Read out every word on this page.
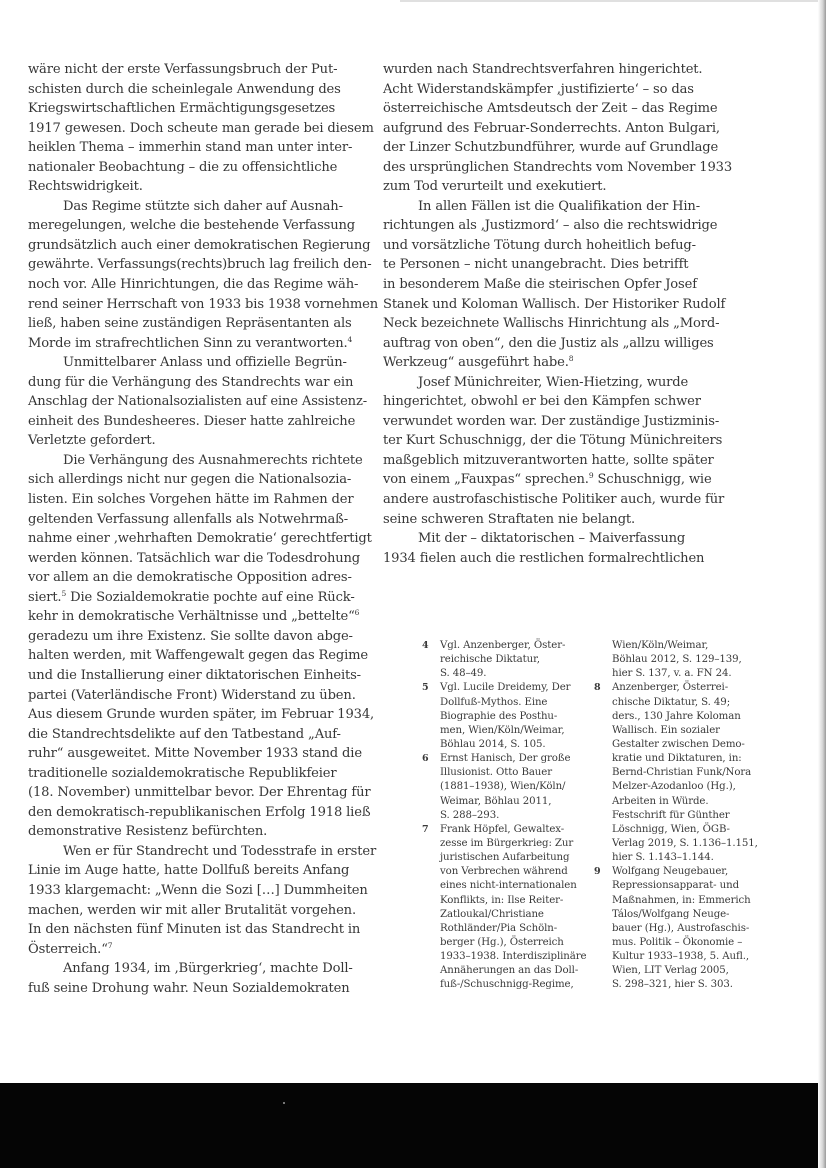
wäre nicht der erste Verfassungsbruch der Put-
schisten durch die scheinlegale Anwendung des
Kriegswirtschaftlichen Ermächtigungsgesetzes
1917 gewesen. Doch scheute man gerade bei diesem
heiklen Thema – immerhin stand man unter inter-
nationaler Beobachtung – die zu offensichtliche
Rechtswidrigkeit.
Das Regime stützte sich daher auf Ausnah-
meregelungen, welche die bestehende Verfassung
grundsätzlich auch einer demokratischen Regierung
gewährte. Verfassungs(rechts)bruch lag freilich den-
noch vor. Alle Hinrichtungen, die das Regime wäh-
rend seiner Herrschaft von 1933 bis 1938 vornehmen
ließ, haben seine zuständigen Repräsentanten als
Morde im strafrechtlichen Sinn zu verantworten.$^4$
Unmittelbarer Anlass und offizielle Begrün-
dung für die Verhängung des Standrechts war ein
Anschlag der Nationalsozialisten auf eine Assistenz-
einheit des Bundesheeres. Dieser hatte zahlreiche
Verletzte gefordert.
Die Verhängung des Ausnahmerechts richtete
sich allerdings nicht nur gegen die Nationalsozia-
listen. Ein solches Vorgehen hätte im Rahmen der
geltenden Verfassung allenfalls als Notwehrmaß-
nahme einer ‚wehrhaften Demokratie‘ gerechtfertigt
werden können. Tatsächlich war die Todesdrohung
vor allem an die demokratische Opposition adres-
siert.$^5$ Die Sozialdemokratie pochte auf eine Rück-
kehr in demokratische Verhältnisse und „bettelte“$^6$
geradezu um ihre Existenz. Sie sollte davon abge-
halten werden, mit Waffengewalt gegen das Regime
und die Installierung einer diktatorischen Einheits-
partei (Vaterländische Front) Widerstand zu üben.
Aus diesem Grunde wurden später, im Februar 1934,
die Standrechtsdelikte auf den Tatbestand „Auf-
ruhr“ ausgeweitet. Mitte November 1933 stand die
traditionelle sozialdemokratische Republikfeier
(18. November) unmittelbar bevor. Der Ehrentag für
den demokratisch-republikanischen Erfolg 1918 ließ
demonstrative Resistenz befürchten.
Wen er für Standrecht und Todesstrafe in erster
Linie im Auge hatte, hatte Dollfuß bereits Anfang
1933 klargemacht: „Wenn die Sozi […] Dummheiten
machen, werden wir mit aller Brutalität vorgehen.
In den nächsten fünf Minuten ist das Standrecht in
Österreich.“$^7$
Anfang 1934, im ‚Bürgerkrieg‘, machte Doll-
fuß seine Drohung wahr. Neun Sozialdemokraten
wurden nach Standrechtsverfahren hingerichtet.
Acht Widerstandskämpfer ‚justifizierte‘ – so das
österreichische Amtsdeutsch der Zeit – das Regime
aufgrund des Februar-Sonderrechts. Anton Bulgari,
der Linzer Schutzbundführer, wurde auf Grundlage
des ursprünglichen Standrechts vom November 1933
zum Tod verurteilt und exekutiert.
In allen Fällen ist die Qualifikation der Hin-
richtungen als ‚Justizmord‘ – also die rechtswidrige
und vorsätzliche Tötung durch hoheitlich befug-
te Personen – nicht unangebracht. Dies betrifft
in besonderem Maße die steirischen Opfer Josef
Stanek und Koloman Wallisch. Der Historiker Rudolf
Neck bezeichnete Wallischs Hinrichtung als „Mord-
auftrag von oben“, den die Justiz als „allzu williges
Werkzeug“ ausgeführt habe.$^8$
Josef Münichreiter, Wien-Hietzing, wurde
hingerichtet, obwohl er bei den Kämpfen schwer
verwundet worden war. Der zuständige Justizminis-
ter Kurt Schuschnigg, der die Tötung Münichreiters
maßgeblich mitzuverantworten hatte, sollte später
von einem „Fauxpas“ sprechen.$^9$ Schuschnigg, wie
andere austrofaschistische Politiker auch, wurde für
seine schweren Straftaten nie belangt.
Mit der – diktatorischen – Maiverfassung
1934 fielen auch die restlichen formalrechtlichen
4 Vgl. Anzenberger, Öster-
reichische Diktatur,
S. 48–49.
5 Vgl. Lucile Dreidemy, Der
Dollfuß-Mythos. Eine
Biographie des Posthu-
men, Wien/Köln/Weimar,
Böhlau 2014, S. 105.
6 Ernst Hanisch, Der große
Illusionist. Otto Bauer
(1881–1938), Wien/Köln/
Weimar, Böhlau 2011,
S. 288–293.
7 Frank Höpfel, Gewaltex-
zesse im Bürgerkrieg: Zur
juristischen Aufarbeitung
von Verbrechen während
eines nicht-internationalen
Konflikts, in: Ilse Reiter-
Zatloukal/Christiane
Rothländer/Pia Schöln-
berger (Hg.), Österreich
1933–1938. Interdisziplinäre
Annäherungen an das Doll-
fuß-/Schuschnigg-Regime,
Wien/Köln/Weimar,
Böhlau 2012, S. 129–139,
hier S. 137, v. a. FN 24.
8 Anzenberger, Österrei-
chische Diktatur, S. 49;
ders., 130 Jahre Koloman
Wallisch. Ein sozialer
Gestalter zwischen Demo-
kratie und Diktaturen, in:
Bernd-Christian Funk/Nora
Melzer-Azodanloo (Hg.),
Arbeiten in Würde.
Festschrift für Günther
Löschnigg, Wien, ÖGB-
Verlag 2019, S. 1.136–1.151,
hier S. 1.143–1.144.
9 Wolfgang Neugebauer,
Repressionsapparat- und
Maßnahmen, in: Emmerich
Tálos/Wolfgang Neuge-
bauer (Hg.), Austrofaschis-
mus. Politik – Ökonomie –
Kultur 1933–1938, 5. Aufl.,
Wien, LIT Verlag 2005,
S. 298–321, hier S. 303.
